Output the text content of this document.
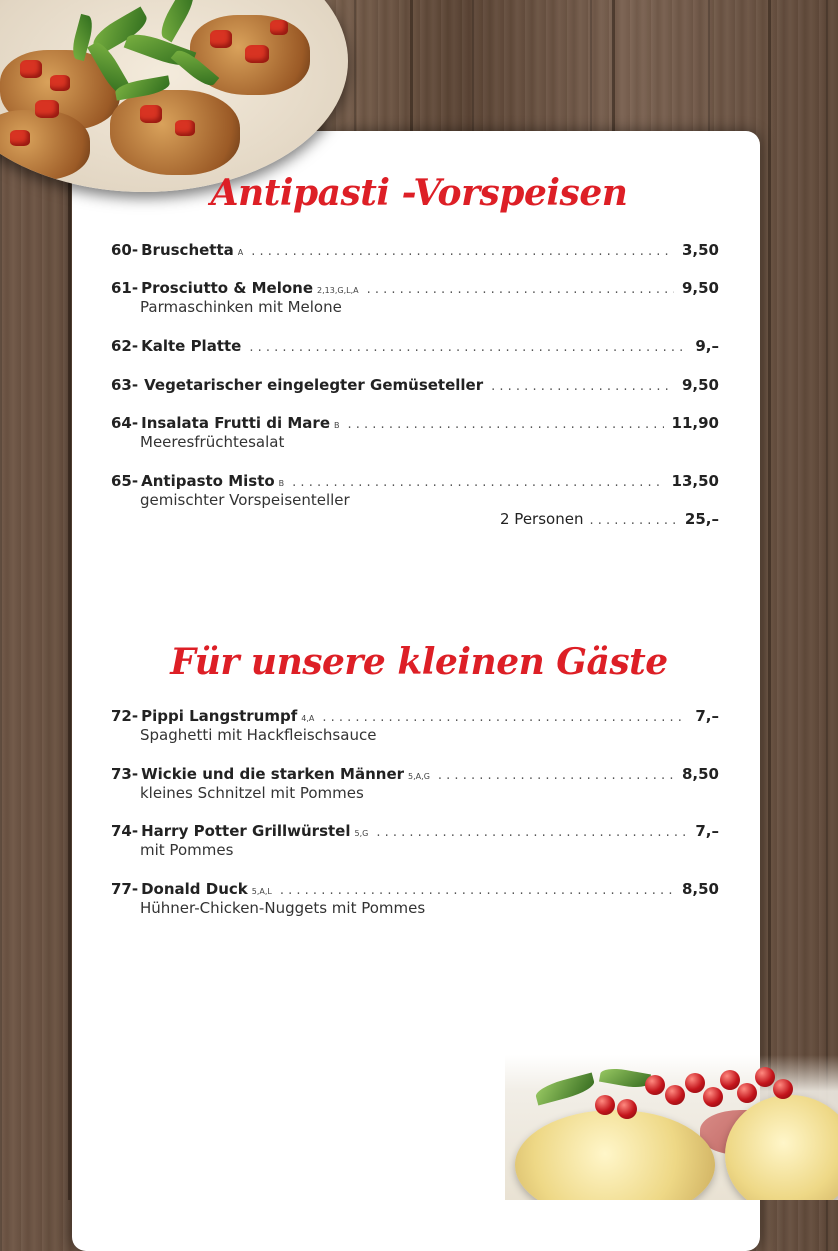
Antipasti -Vorspeisen
60- Bruschetta A . . .	3,50
61- Prosciutto & Melone 2,13,G,L,A . . .	9,50
Parmaschinken mit Melone
62- Kalte Platte . . .	9,–
63- Vegetarischer eingelegter Gemüseteller . . .	9,50
64- Insalata Frutti di Mare B . . .	11,90
Meeresfrüchtesalat
65- Antipasto Misto B . . .	13,50
gemischter Vorspeisenteller
2 Personen . . .	25,–
Für unsere kleinen Gäste
72- Pippi Langstrumpf 4,A . . .	7,–
Spaghetti mit Hackfleischsauce
73- Wickie und die starken Männer 5,A,G . . .	8,50
kleines Schnitzel mit Pommes
74- Harry Potter Grillwürstel 5,G . . .	7,–
mit Pommes
77- Donald Duck 5,A,L . . .	8,50
Hühner-Chicken-Nuggets mit Pommes
